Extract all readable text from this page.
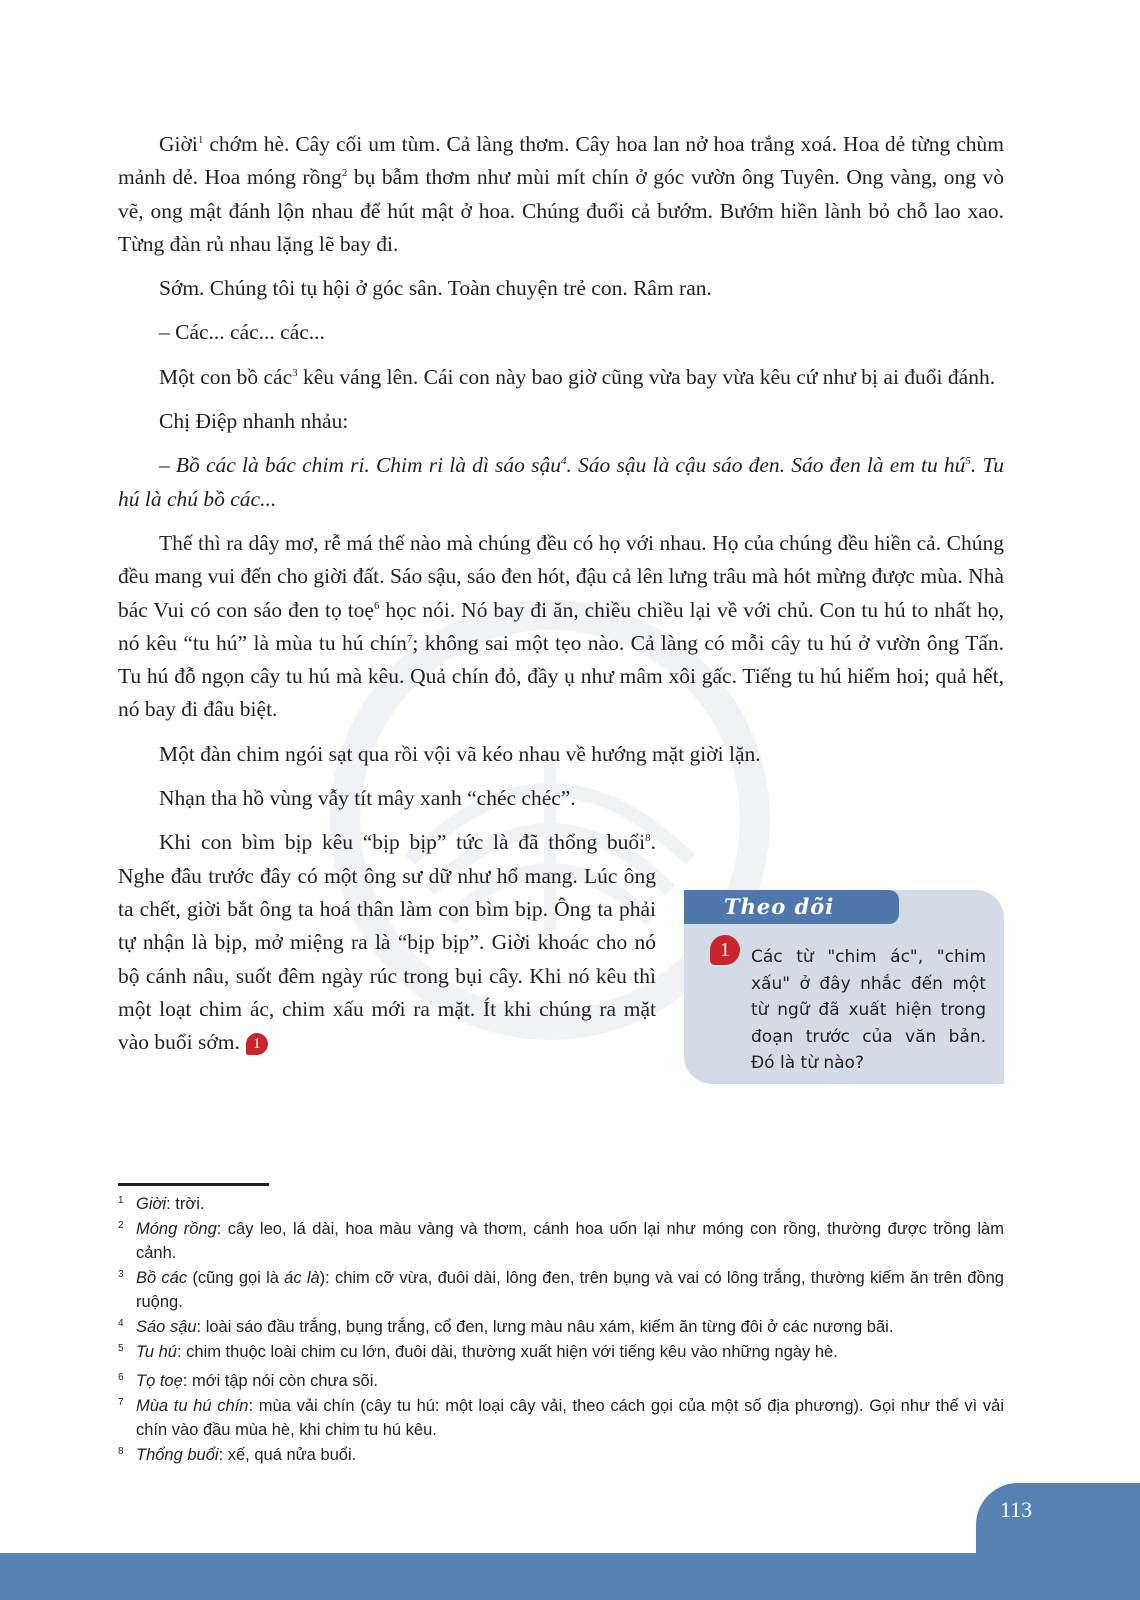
Giời$^1$ chớm hè. Cây cối um tùm. Cả làng thơm. Cây hoa lan nở hoa trắng xoá. Hoa dẻ từng chùm mảnh dẻ. Hoa móng rồng$^2$ bụ bẫm thơm như mùi mít chín ở góc vườn ông Tuyên. Ong vàng, ong vò vẽ, ong mật đánh lộn nhau để hút mật ở hoa. Chúng đuổi cả bướm. Bướm hiền lành bỏ chỗ lao xao. Từng đàn rủ nhau lặng lẽ bay đi.

Sớm. Chúng tôi tụ hội ở góc sân. Toàn chuyện trẻ con. Râm ran.

– Các... các... các...

Một con bồ các$^3$ kêu váng lên. Cái con này bao giờ cũng vừa bay vừa kêu cứ như bị ai đuổi đánh.

Chị Điệp nhanh nhảu:

– Bồ các là bác chim ri. Chim ri là dì sáo sậu$^4$. Sáo sậu là cậu sáo đen. Sáo đen là em tu $hú^5$. Tu hú là chú bồ các...

Thế thì ra dây mơ, rễ má thế nào mà chúng đều có họ với nhau. Họ của chúng đều hiền cả. Chúng đều mang vui đến cho giời đất. Sáo sậu, sáo đen hót, đậu cả lên lưng trâu mà hót mừng được mùa. Nhà bác Vui có con sáo đen tọ toẹ$^6$ học nói. Nó bay đi ăn, chiều chiều lại về với chủ. Con tu hú to nhất họ, nó kêu “tu hú” là mùa tu hú chín$^7$; không sai một tẹo nào. Cả làng có mỗi cây tu hú ở vườn ông Tấn. Tu hú đỗ ngọn cây tu hú mà kêu. Quả chín đỏ, đầy ụ như mâm xôi gấc. Tiếng tu hú hiếm hoi; quả hết, nó bay đi đâu biệt.

Một đàn chim ngói sạt qua rồi vội vã kéo nhau về hướng mặt giời lặn.

Nhạn tha hồ vùng vẫy tít mây xanh “chéc chéc”.

Khi con bìm bịp kêu “bịp bịp” tức là đã thổng buổi$^8$. Nghe đâu trước đây có một ông sư dữ như hổ mang. Lúc ông ta chết, giời bắt ông ta hoá thân làm con bìm bịp. Ông ta phải tự nhận là bịp, mở miệng ra là “bịp bịp”. Giời khoác cho nó bộ cánh nâu, suốt đêm ngày rúc trong bụi cây. Khi nó kêu thì một loạt chim ác, chim xấu mới ra mặt. Ít khi chúng ra mặt vào buổi sớm. 1

Theo dõi
1	Các từ "chim ác", "chim xấu" ở đây nhắc đến một từ ngữ đã xuất hiện trong đoạn trước của văn bản. Đó là từ nào?
1 Giời: trời.
2 Móng rồng: cây leo, lá dài, hoa màu vàng và thơm, cánh hoa uốn lại như móng con rồng, thường được trồng làm cảnh.
3 Bồ các (cũng gọi là ác là): chim cỡ vừa, đuôi dài, lông đen, trên bụng và vai có lông trắng, thường kiếm ăn trên đồng ruộng.
4 Sáo sậu: loài sáo đầu trắng, bụng trắng, cổ đen, lưng màu nâu xám, kiếm ăn từng đôi ở các nương bãi.
5 Tu hú: chim thuộc loài chim cu lớn, đuôi dài, thường xuất hiện với tiếng kêu vào những ngày hè.
6 Tọ toẹ: mới tập nói còn chưa sõi.
7 Mùa tu hú chín: mùa vải chín (cây tu hú: một loại cây vải, theo cách gọi của một số địa phương). Gọi như thế vì vải chín vào đầu mùa hè, khi chim tu hú kêu.
8 Thổng buổi: xế, quá nửa buổi.
113
